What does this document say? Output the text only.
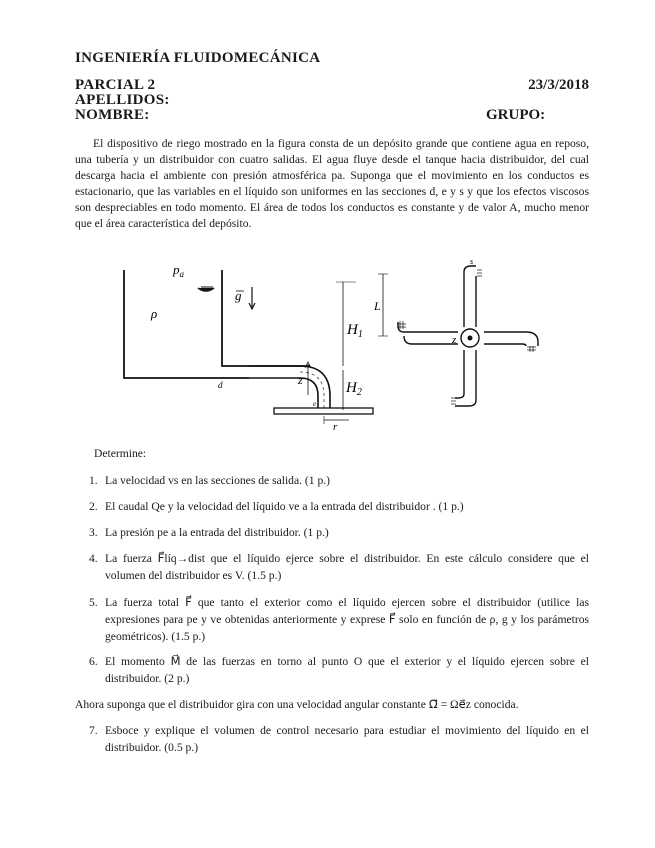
INGENIERÍA FLUIDOMECÁNICA
PARCIAL 2	23/3/2018
APELLIDOS:
NOMBRE:	GRUPO:

El dispositivo de riego mostrado en la figura consta de un depósito grande que contiene agua en reposo, una tubería y un distribuidor con cuatro salidas. El agua fluye desde el tanque hacia distribuidor, del cual descarga hacia el ambiente con presión atmosférica pa. Suponga que el movimiento en los conductos es estacionario, que las variables en el líquido son uniformes en las secciones d, e y s y que los efectos viscosos son despreciables en todo momento. El área de todos los conductos es constante y de valor A, mucho menor que el área característica del depósito.

d
e
$p_a$
ρ
g
$H_1$
$H_2$
z
r
s
z
L
Determine:
1. La velocidad vs en las secciones de salida. (1 p.)
2. El caudal Qe y la velocidad del líquido ve a la entrada del distribuidor . (1 p.)
3. La presión pe a la entrada del distribuidor. (1 p.)
4. La fuerza F⃗líq→dist que el líquido ejerce sobre el distribuidor. En este cálculo considere que el volumen del distribuidor es V. (1.5 p.)
5. La fuerza total F⃗ que tanto el exterior como el líquido ejercen sobre el distribuidor (utilice las expresiones para pe y ve obtenidas anteriormente y exprese F⃗ solo en función de ρ, g y los parámetros geométricos). (1.5 p.)
6. El momento M⃗ de las fuerzas en torno al punto O que el exterior y el líquido ejercen sobre el distribuidor. (2 p.)
Ahora suponga que el distribuidor gira con una velocidad angular constante Ω⃗ = Ωe⃗z conocida.
7. Esboce y explique el volumen de control necesario para estudiar el movimiento del líquido en el distribuidor. (0.5 p.)
